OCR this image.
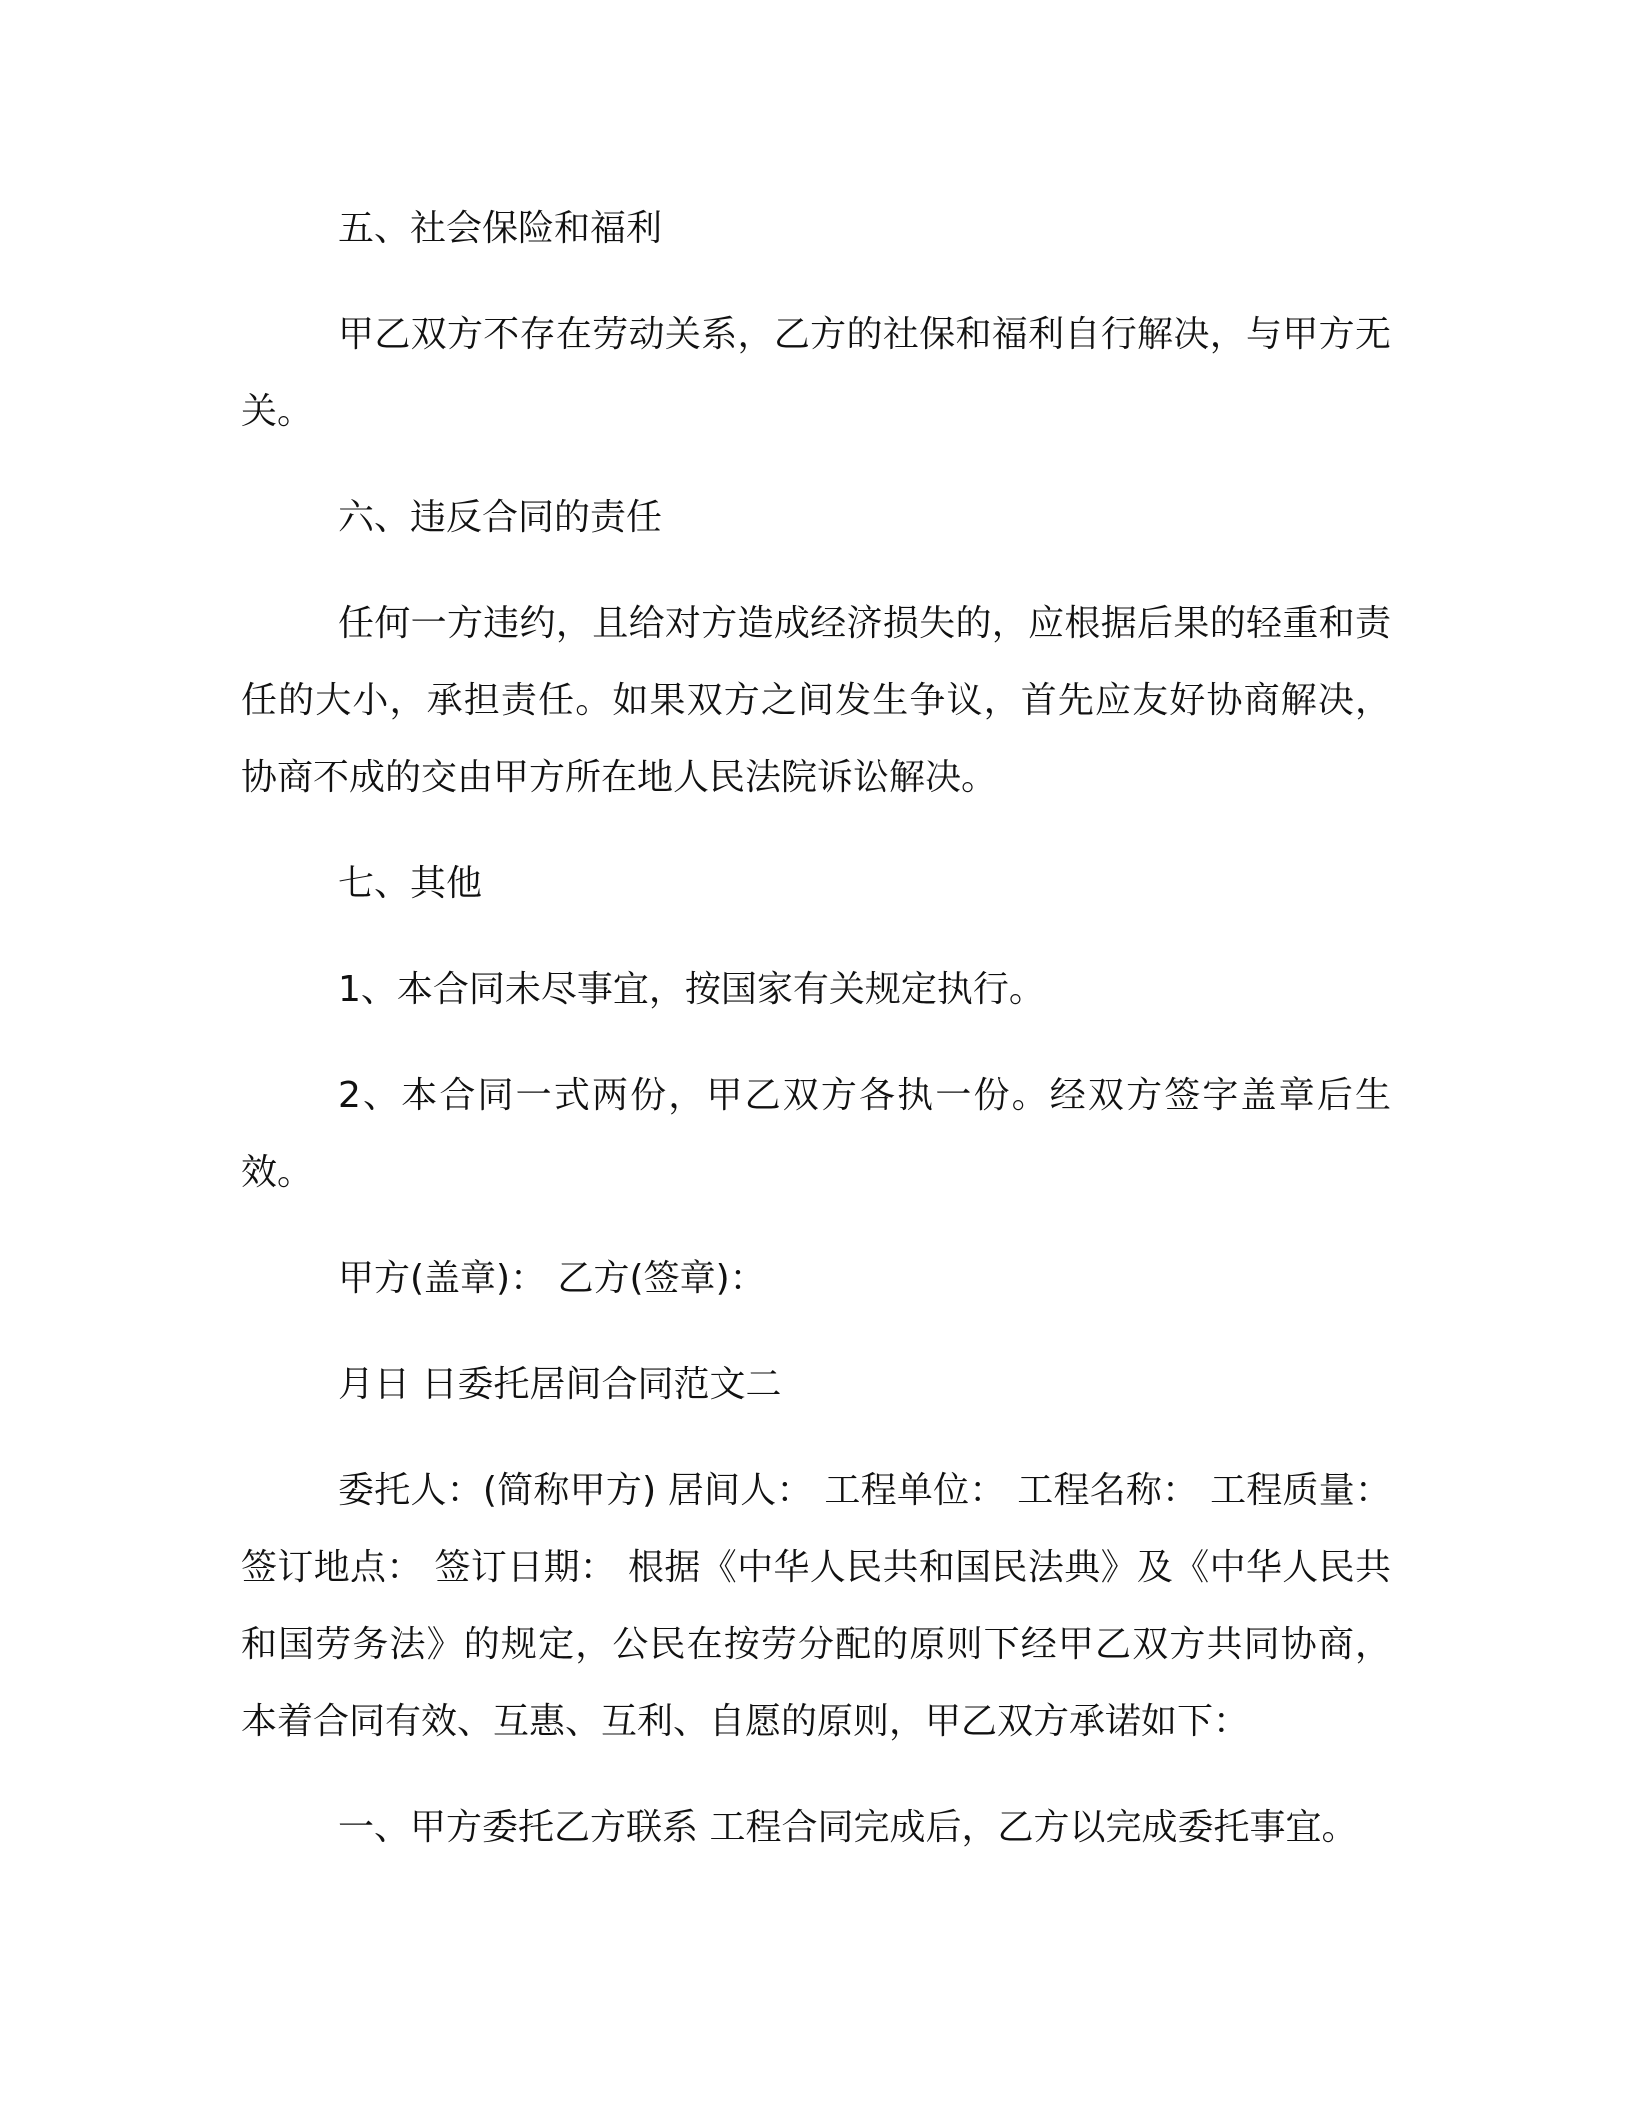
五、社会保险和福利

甲乙双方不存在劳动关系，乙方的社保和福利自行解决，与甲方无关。

六、违反合同的责任

任何一方违约，且给对方造成经济损失的，应根据后果的轻重和责任的大小，承担责任。如果双方之间发生争议，首先应友好协商解决，协商不成的交由甲方所在地人民法院诉讼解决。

七、其他

1、本合同未尽事宜，按国家有关规定执行。

2、本合同一式两份，甲乙双方各执一份。经双方签字盖章后生效。

甲方(盖章)： 乙方(签章)：

月日 日委托居间合同范文二

委托人：(简称甲方) 居间人： 工程单位： 工程名称： 工程质量：签订地点： 签订日期： 根据《中华人民共和国民法典》及《中华人民共和国劳务法》的规定，公民在按劳分配的原则下经甲乙双方共同协商，本着合同有效、互惠、互利、自愿的原则，甲乙双方承诺如下：

一、甲方委托乙方联系 工程合同完成后，乙方以完成委托事宜。
